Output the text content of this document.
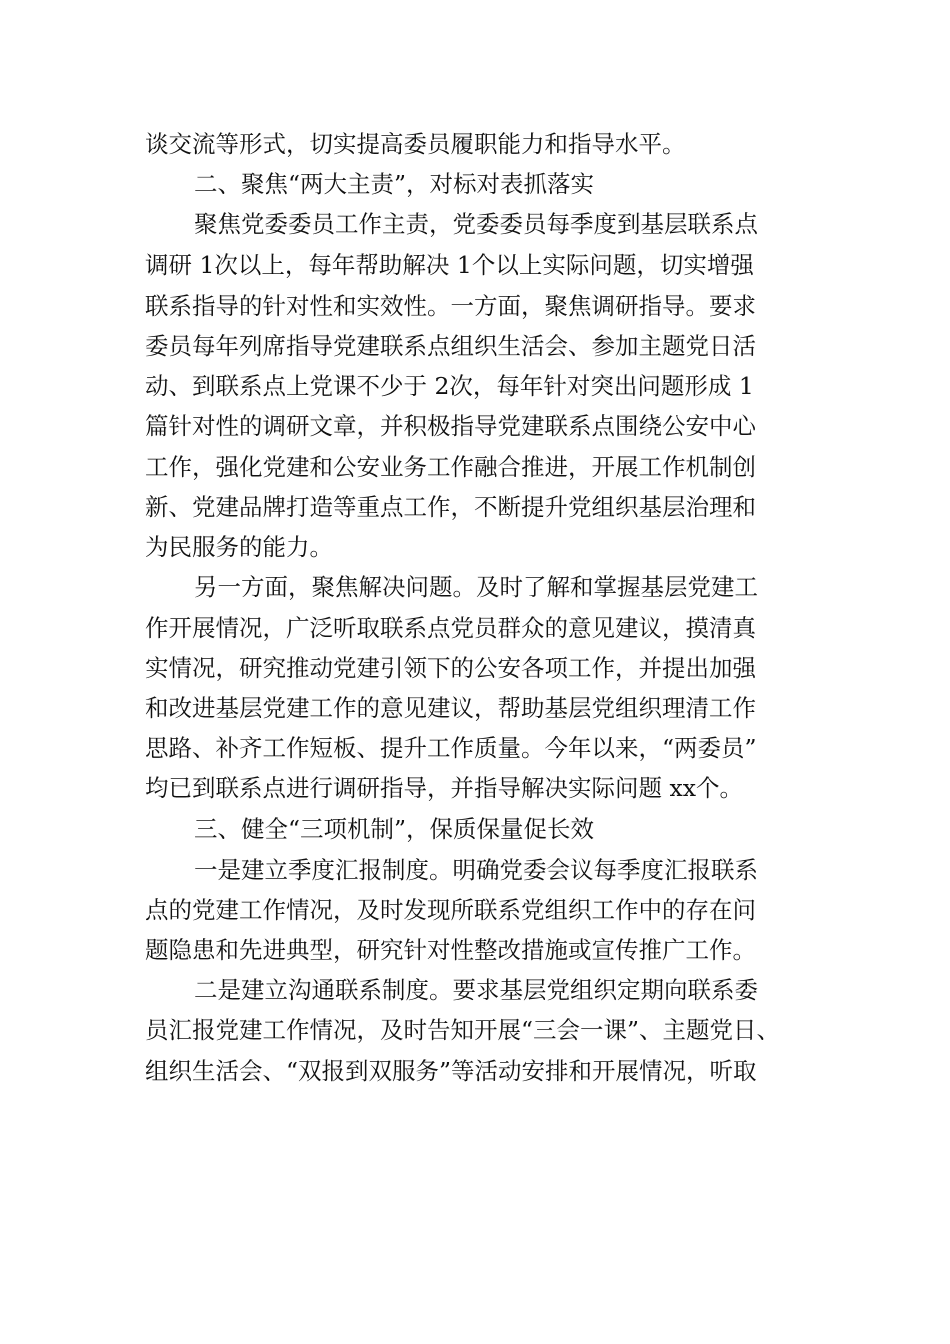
谈交流等形式，切实提高委员履职能力和指导水平。
二、聚焦“两大主责”，对标对表抓落实
聚焦党委委员工作主责，党委委员每季度到基层联系点
调研 1次以上，每年帮助解决 1个以上实际问题，切实增强
联系指导的针对性和实效性。一方面，聚焦调研指导。要求
委员每年列席指导党建联系点组织生活会、参加主题党日活
动、到联系点上党课不少于 2次，每年针对突出问题形成 1
篇针对性的调研文章，并积极指导党建联系点围绕公安中心
工作，强化党建和公安业务工作融合推进，开展工作机制创
新、党建品牌打造等重点工作，不断提升党组织基层治理和
为民服务的能力。
另一方面，聚焦解决问题。及时了解和掌握基层党建工
作开展情况，广泛听取联系点党员群众的意见建议，摸清真
实情况，研究推动党建引领下的公安各项工作，并提出加强
和改进基层党建工作的意见建议，帮助基层党组织理清工作
思路、补齐工作短板、提升工作质量。今年以来，“两委员”
均已到联系点进行调研指导，并指导解决实际问题 xx个。
三、健全“三项机制”，保质保量促长效
一是建立季度汇报制度。明确党委会议每季度汇报联系
点的党建工作情况，及时发现所联系党组织工作中的存在问
题隐患和先进典型，研究针对性整改措施或宣传推广工作。
二是建立沟通联系制度。要求基层党组织定期向联系委
员汇报党建工作情况，及时告知开展“三会一课”、主题党日、
组织生活会、“双报到双服务”等活动安排和开展情况，听取
